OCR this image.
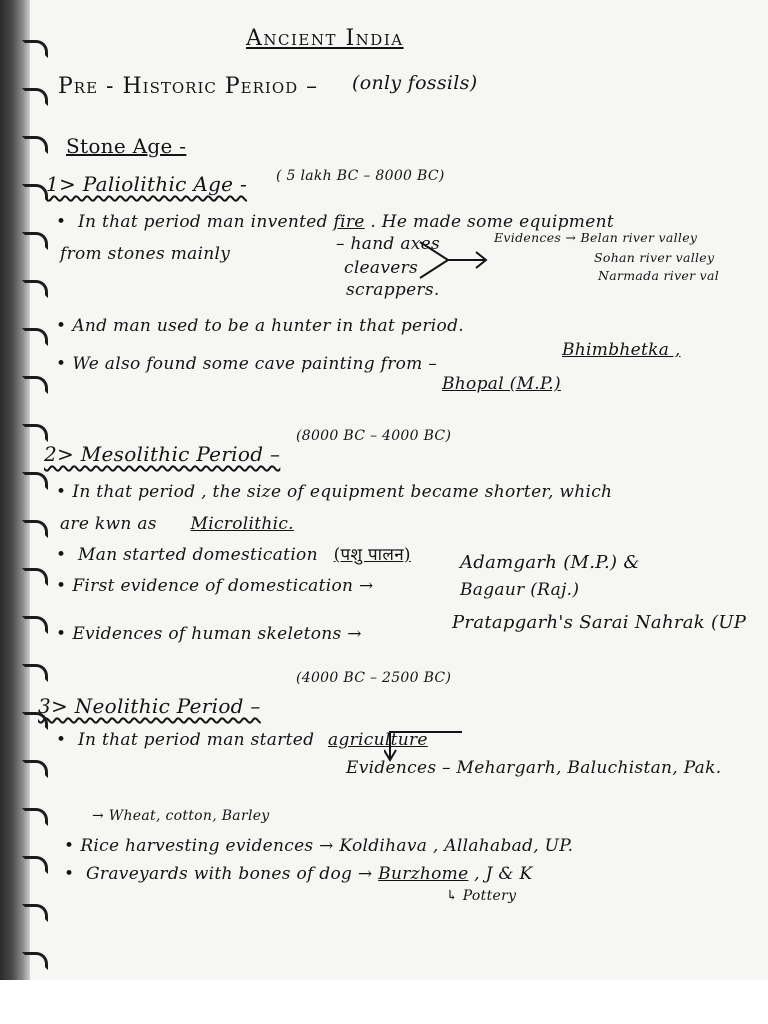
Ancient India
Pre - Historic Period – (only fossils)
Stone Age -
1> Paliolithic Age - ( 5 lakh BC – 8000 BC)
• In that period man invented fire . He made some equipment
from stones mainly	– hand axes
cleavers
scrappers.
Evidences → Belan river valley
Sohan river valley
Narmada river val
• And man used to be a hunter in that period.
• We also found some cave painting from –
Bhimbhetka ,
Bhopal (M.P.)
2> Mesolithic Period –
(8000 BC – 4000 BC)
• In that period , the size of equipment became shorter, which
are kwn as Microlithic.
• Man started domestication (पशु पालन)
• First evidence of domestication →
Adamgarh (M.P.) &
Bagaur (Raj.)
• Evidences of human skeletons →
Pratapgarh's Sarai Nahrak (UP
3> Neolithic Period –
(4000 BC – 2500 BC)
• In that period man started agriculture
Evidences – Mehargarh, Baluchistan, Pak.
→ Wheat, cotton, Barley
• Rice harvesting evidences → Koldihava , Allahabad, UP.
• Graveyards with bones of dog → Burzhome , J & K
↳ Pottery
